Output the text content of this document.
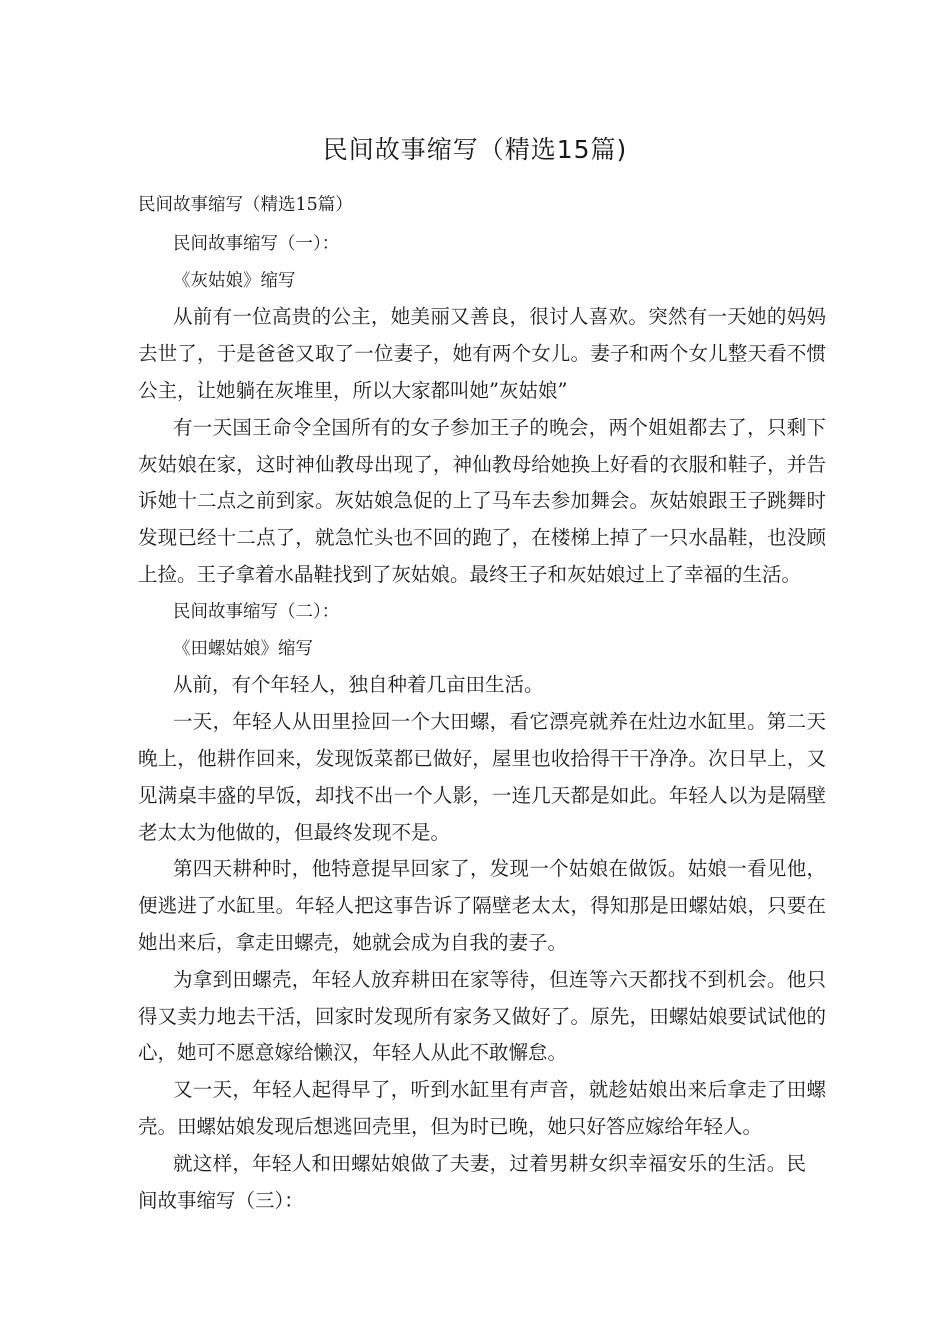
民间故事缩写（精选15篇)

民间故事缩写（精选15篇）

民间故事缩写（一）：

《灰姑娘》缩写

从前有一位高贵的公主，她美丽又善良，很讨人喜欢。突然有一天她的妈妈去世了，于是爸爸又取了一位妻子，她有两个女儿。妻子和两个女儿整天看不惯公主，让她躺在灰堆里，所以大家都叫她”灰姑娘”

有一天国王命令全国所有的女子参加王子的晚会，两个姐姐都去了，只剩下灰姑娘在家，这时神仙教母出现了，神仙教母给她换上好看的衣服和鞋子，并告诉她十二点之前到家。灰姑娘急促的上了马车去参加舞会。灰姑娘跟王子跳舞时发现已经十二点了，就急忙头也不回的跑了，在楼梯上掉了一只水晶鞋，也没顾上捡。王子拿着水晶鞋找到了灰姑娘。最终王子和灰姑娘过上了幸福的生活。

民间故事缩写（二）：

《田螺姑娘》缩写

从前，有个年轻人，独自种着几亩田生活。

一天，年轻人从田里捡回一个大田螺，看它漂亮就养在灶边水缸里。第二天晚上，他耕作回来，发现饭菜都已做好，屋里也收拾得干干净净。次日早上，又见满桌丰盛的早饭，却找不出一个人影，一连几天都是如此。年轻人以为是隔壁老太太为他做的，但最终发现不是。

第四天耕种时，他特意提早回家了，发现一个姑娘在做饭。姑娘一看见他，便逃进了水缸里。年轻人把这事告诉了隔壁老太太，得知那是田螺姑娘，只要在她出来后，拿走田螺壳，她就会成为自我的妻子。

为拿到田螺壳，年轻人放弃耕田在家等待，但连等六天都找不到机会。他只得又卖力地去干活，回家时发现所有家务又做好了。原先，田螺姑娘要试试他的心，她可不愿意嫁给懒汉，年轻人从此不敢懈怠。

又一天，年轻人起得早了，听到水缸里有声音，就趁姑娘出来后拿走了田螺壳。田螺姑娘发现后想逃回壳里，但为时已晚，她只好答应嫁给年轻人。

就这样，年轻人和田螺姑娘做了夫妻，过着男耕女织幸福安乐的生活。民间故事缩写（三）：
